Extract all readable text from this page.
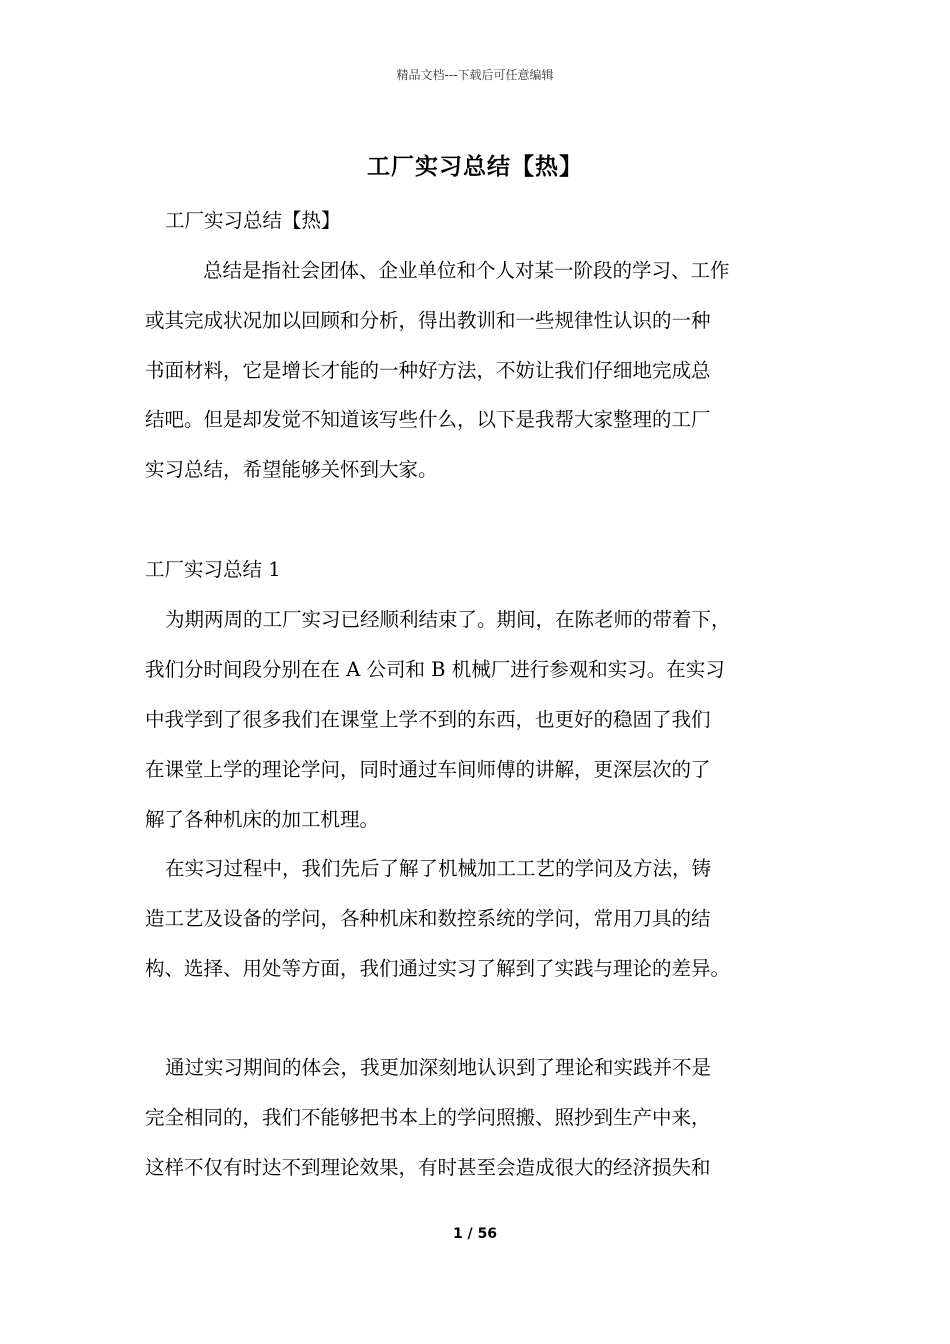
精品文档---下载后可任意编辑
工厂实习总结【热】
工厂实习总结【热】
总结是指社会团体、企业单位和个人对某一阶段的学习、工作
或其完成状况加以回顾和分析，得出教训和一些规律性认识的一种
书面材料，它是增长才能的一种好方法，不妨让我们仔细地完成总
结吧。但是却发觉不知道该写些什么，以下是我帮大家整理的工厂
实习总结，希望能够关怀到大家。
工厂实习总结 1
为期两周的工厂实习已经顺利结束了。期间，在陈老师的带着下，
我们分时间段分别在在 A 公司和 B 机械厂进行参观和实习。在实习
中我学到了很多我们在课堂上学不到的东西，也更好的稳固了我们
在课堂上学的理论学问，同时通过车间师傅的讲解，更深层次的了
解了各种机床的加工机理。
在实习过程中，我们先后了解了机械加工工艺的学问及方法，铸
造工艺及设备的学问，各种机床和数控系统的学问，常用刀具的结
构、选择、用处等方面，我们通过实习了解到了实践与理论的差异。
通过实习期间的体会，我更加深刻地认识到了理论和实践并不是
完全相同的，我们不能够把书本上的学问照搬、照抄到生产中来，
这样不仅有时达不到理论效果，有时甚至会造成很大的经济损失和
1 / 56
